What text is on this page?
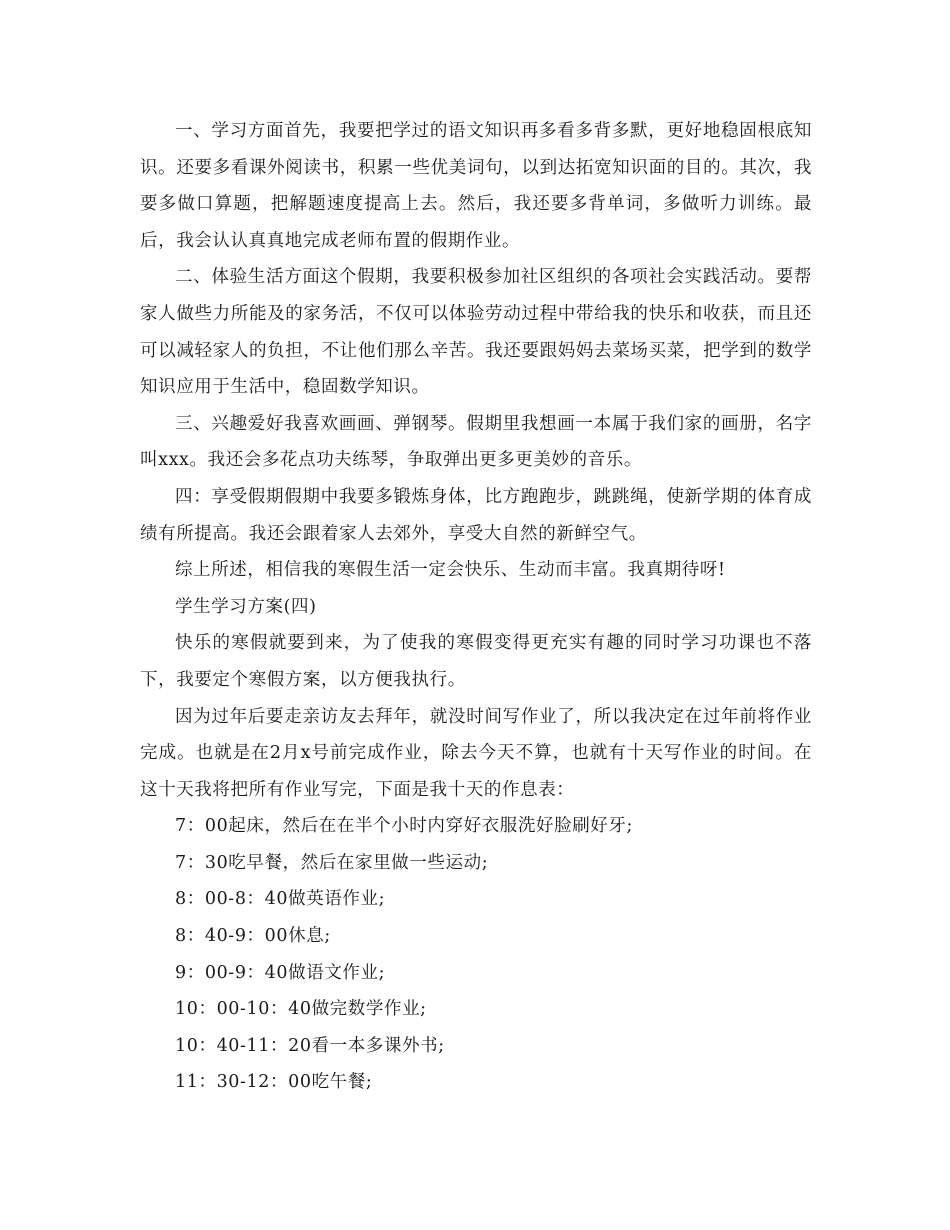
一、学习方面首先，我要把学过的语文知识再多看多背多默，更好地稳固根底知识。还要多看课外阅读书，积累一些优美词句，以到达拓宽知识面的目的。其次，我要多做口算题，把解题速度提高上去。然后，我还要多背单词，多做听力训练。最后，我会认认真真地完成老师布置的假期作业。

二、体验生活方面这个假期，我要积极参加社区组织的各项社会实践活动。要帮家人做些力所能及的家务活，不仅可以体验劳动过程中带给我的快乐和收获，而且还可以减轻家人的负担，不让他们那么辛苦。我还要跟妈妈去菜场买菜，把学到的数学知识应用于生活中，稳固数学知识。

三、兴趣爱好我喜欢画画、弹钢琴。假期里我想画一本属于我们家的画册，名字叫xxx。我还会多花点功夫练琴，争取弹出更多更美妙的音乐。

四：享受假期假期中我要多锻炼身体，比方跑跑步，跳跳绳，使新学期的体育成绩有所提高。我还会跟着家人去郊外，享受大自然的新鲜空气。

综上所述，相信我的寒假生活一定会快乐、生动而丰富。我真期待呀!

学生学习方案(四)

快乐的寒假就要到来，为了使我的寒假变得更充实有趣的同时学习功课也不落下，我要定个寒假方案，以方便我执行。

因为过年后要走亲访友去拜年，就没时间写作业了，所以我决定在过年前将作业完成。也就是在2月x号前完成作业，除去今天不算，也就有十天写作业的时间。在这十天我将把所有作业写完，下面是我十天的作息表：

7：00起床，然后在在半个小时内穿好衣服洗好脸刷好牙;

7：30吃早餐，然后在家里做一些运动;

8：00-8：40做英语作业;

8：40-9：00休息;

9：00-9：40做语文作业;

10：00-10：40做完数学作业;

10：40-11：20看一本多课外书;

11：30-12：00吃午餐;
